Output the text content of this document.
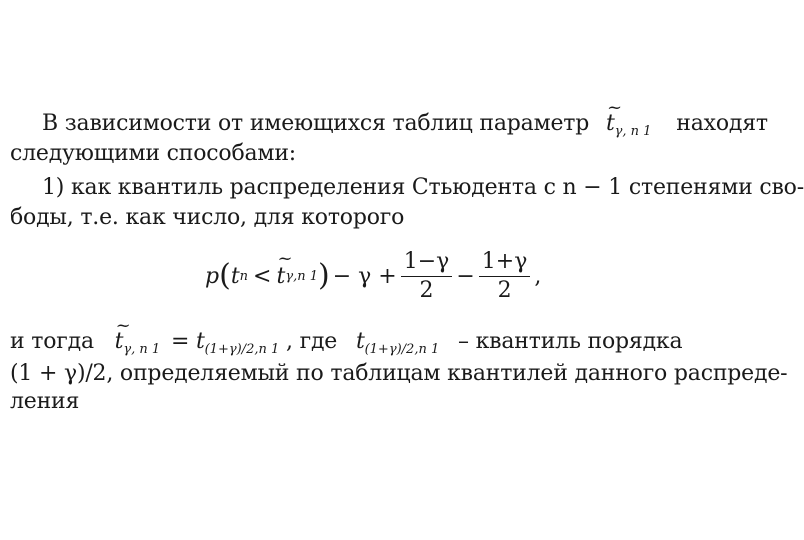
В зависимости от имеющихся таблиц параметр ~ $t_{\gamma, n 1}$ находят
следующими способами:
1) как квантиль распределения Стьюдента с n − 1 степенями сво-
боды, т.е. как число, для которого
p ( t n < ~ t γ,n 1 ) − $\gamma + \frac{1-\gamma}{2} - \frac{1+\gamma}{2}$ ,
и тогда ~ $t_{\gamma, n 1} = t_{(1+\gamma)/2,n 1}$ , где $t_{(1+\gamma)/2,n 1}$ – квантиль порядка
(1 + γ)/2, определяемый по таблицам квантилей данного распреде-
ления
